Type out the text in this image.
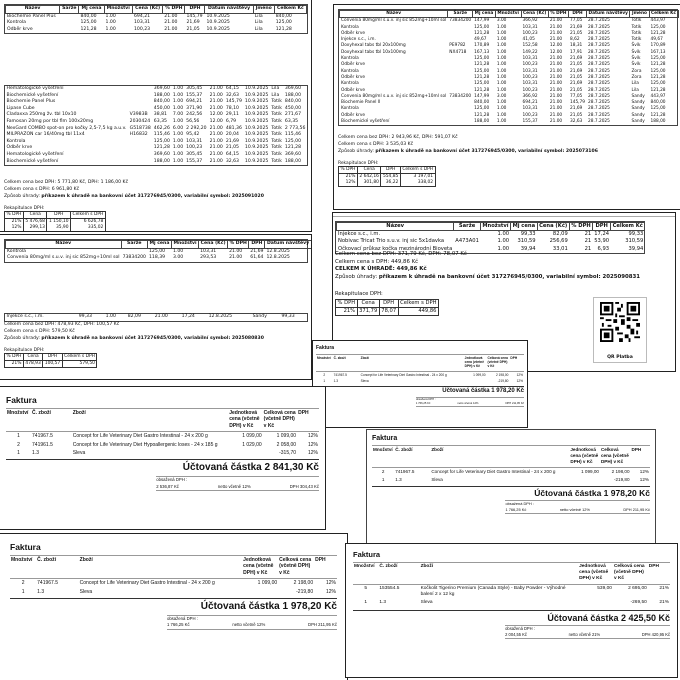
Název	Šarže	Mj cena	Množství	Cena (Kč)	% DPH	DPH	Datum návštěvy	Jméno	Celkem Kč
Biochemie Panel Plus		840,00	1.00	694,21	21.00	145,79	10.9.2025	Lila	840,00
Kontrola		125,00	1.00	103,31	21.00	21,69	10.9.2025	Lila	125,00
Odběr krve		121,28	1.00	100,23	21.00	21,05	10.9.2025	Lila	121,28
Hematologické vyšetření		369,60	1.00	305,45	21.00	64,15	10.9.2025	Lila	369,60
Biochemické vyšetření		188,00	1.00	155,37	21.00	32,63	10.9.2025	Lila	188,00
Biochemie Panel Plus		840,00	1.00	694,21	21.00	145,79	10.9.2025	Totík	840,00
Lipase Cube		450,00	1.00	371,90	21.00	78,10	10.9.2025	Totík	450,00
Cladaxxa 250mg žv. tbl 10x10	V3983B	38,81	7.00	242,56	12.00	29,11	10.9.2025	Totík	271,67
Famosan 20mg por tbl flm 100x20mg	2030424	63,35	1.00	56,56	12.00	6,79	10.9.2025	Totík	63,35
NexGard COMBO spot-on pro kočky 2,5-7,5 kg a.u.v.	G518738	462,26	6.00	2 292,20	21.00	481,36	10.9.2025	Totík	2 773,56
MILPRAZON car 16/40mg tbl 11x4	H16832	115,46	1.00	95,42	21.00	20,04	10.9.2025	Totík	115,46
Kontrola		125,00	1.00	103,31	21.00	21,69	10.9.2025	Totík	125,00
Odběr krve		121,28	1.00	100,23	21.00	21,05	10.9.2025	Totík	121,28
Hematologické vyšetření		369,60	1.00	305,45	21.00	64,15	10.9.2025	Totík	369,60
Biochemické vyšetření		188,00	1.00	155,37	21.00	32,63	10.9.2025	Totík	188,00
Celkem cena bez DPH: 5 771,80 Kč, DPH: 1 186,00 Kč
Celkem cena s DPH: 6 961,80 Kč
Způsob úhrady: příkazem k úhradě na bankovní účet 317276945/0300, variabilní symbol: 2025091020
Rekapitulace DPH:
% DPH	Cena	DPH	Celkem s DPH
21%	5 476,68	1 150,10	6 626,78
12%	299,13	35,90	335,02
Název	Šarže	Mj cena	Množství	Cena (Kč)	% DPH	DPH	Datum návštěvy		
Kontrola		125,00	1.00	103,31	21.00	21,69	12.8.2025		
Convenia 80mg/ml s.u.v. inj sic 852mg+10ml sol	73834200	118,39	3.00	293,53	21.00	61,64	12.8.2025		
Injekce s.c., i.m.		99,33	1.00	82,09	21.00	17,24	12.8.2025	Sandy	99,33
Celkem cena bez DPH: 478,93 Kč, DPH: 100,57 Kč
Celkem cena s DPH: 579,50 Kč
Způsob úhrady: příkazem k úhradě na bankovní účet 317276945/0300, variabilní symbol: 2025080830
Rekapitulace DPH:
% DPH	Cena	DPH	Celkem s DPH
21%	478,93	100,57	579,50
Název	Šarže	Mj cena	Množství	Cena (Kč)	% DPH	DPH	Datum návštěvy	Jméno	Celkem Kč
Convenia 80mg/ml s.u.v. inj sic 852mg+10ml sol	73834200	147,99	3.00	366,92	21.00	77,05	28.7.2025	Totík	443,97
Kontrola		125,00	1.00	103,31	21.00	21,69	28.7.2025	Totík	125,00
Odběr krve		121,28	1.00	100,23	21.00	21,05	28.7.2025	Totík	121,28
Injekce s.c., i.m.		49,67	1.00	41,05	21.00	8,62	28.7.2025	Totík	49,67
Doxyhexal tabs tbl 20x100mg	PE9782	170,89	1.00	152,58	12.00	18,31	28.7.2025	Švík	170,89
Doxyhexal tabs tbl 10x100mg	NX4718	167,13	1.00	149,22	12.00	17,91	28.7.2025	Švík	167,13
Kontrola		125,00	1.00	103,31	21.00	21,69	28.7.2025	Švík	125,00
Odběr krve		121,28	1.00	100,23	21.00	21,05	28.7.2025	Švík	121,28
Kontrola		125,00	1.00	103,31	21.00	21,69	28.7.2025	Zora	125,00
Odběr krve		121,28	1.00	100,23	21.00	21,05	28.7.2025	Zora	121,28
Kontrola		125,00	1.00	103,31	21.00	21,69	28.7.2025	Lila	125,00
Odběr krve		121,28	1.00	100,23	21.00	21,05	28.7.2025	Lila	121,28
Convenia 80mg/ml s.u.v. inj sic 852mg+10ml sol	73834200	147,99	3.00	366,92	21.00	77,05	28.7.2025	Sandy	443,97
Biochemie Panel II		840,00	1.00	694,21	21.00	145,79	28.7.2025	Sandy	840,00
Kontrola		125,00	1.00	103,31	21.00	21,69	28.7.2025	Sandy	125,00
Odběr krve		121,28	1.00	100,23	21.00	21,05	28.7.2025	Sandy	121,28
Biochemické vyšetření		188,00	1.00	155,37	21.00	32,63	28.7.2025	Sandy	188,00
Celkem cena bez DPH: 2 943,96 Kč, DPH: 591,07 Kč
Celkem cena s DPH: 3 535,03 Kč
Způsob úhrady: příkazem k úhradě na bankovní účet 317276945/0300, variabilní symbol: 2025073106
Rekapitulace DPH:
% DPH	Cena	DPH	Celkem s DPH
21%	2 642,16	554,85	3 197,01
12%	301,80	36,22	338,02
Název	Šarže	Množství	Mj cena	Cena (Kč)	% DPH	DPH	Celkem Kč
Injekce s.c., i.m.		1.00	99,33	82,09	21	17,24	99,33
Nobivac Tricat Trio s.u.v. inj sic 5x1davka	A473A01	1.00	310,59	256,69	21	53,90	310,59
Očkovací průkaz kočka mezinárodní Bioveta		1.00	39,94	33,01	21	6,93	39,94
Celkem cena bez DPH: 371,79 Kč, DPH: 78,07 Kč
Celkem cena s DPH: 449,86 Kč
CELKEM K ÚHRADĚ: 449,86 Kč
Způsob úhrady: příkazem k úhradě na bankovní účet 317276945/0300, variabilní symbol: 2025090831
Rekapitulace DPH:
% DPH	Cena	DPH	Celkem s DPH
21%	371,79	78,07	449,86
QR Platba
Faktura
Množství	Č. zboží	Zboží	Jednotková cena (včetně DPH) v Kč	Celková cena (včetně DPH) v Kč	DPH
2	741967.5	Concept for Life Veterinary Diet Gastro Intestinal - 24 x 200 g	1 099,00	2 198,00	12%
1	1.3	Sleva		-219,80	12%
Účtovaná částka 1 978,20 Kč
obsažená DPH :
1 766,25 Kč	netto včetně 12%	DPH 211,95 Kč
Faktura
Množství	Č. zboží	Zboží	Jednotková cena (včetně DPH) v Kč	Celková cena (včetně DPH) v Kč	DPH
1	741967.5	Concept for Life Veterinary Diet Gastro Intestinal - 24 x 200 g	1 099,00	1 099,00	12%
2	741961.5	Concept for Life Veterinary Diet Hypoallergenic loses - 24 x 185 g	1 029,00	2 058,00	12%
1	1.3	Sleva		-315,70	12%
Účtovaná částka 2 841,30 Kč
obsažená DPH :
2 536,87 Kč	netto včetně 12%	DPH 304,43 Kč
Faktura
Množství	Č. zboží	Zboží	Jednotková cena (včetně DPH) v Kč	Celková cena (včetně DPH) v Kč	DPH
2	741967.5	Concept for Life Veterinary Diet Gastro Intestinal - 24 x 200 g	1 099,00	2 198,00	12%
1	1.3	Sleva		-219,80	12%
Účtovaná částka 1 978,20 Kč
obsažená DPH :
1 766,25 Kč	netto včetně 12%	DPH 211,95 Kč
Faktura
Množství	Č. zboží	Zboží	Jednotková cena (včetně DPH) v Kč	Celková cena (včetně DPH) v Kč	DPH
2	741967.5	Concept for Life Veterinary Diet Gastro Intestinal - 24 x 200 g	1 099,00	2 198,00	12%
1	1.3	Sleva		-219,80	12%
Účtovaná částka 1 978,20 Kč
obsažená DPH :
1 766,25 Kč	netto včetně 12%	DPH 211,95 Kč
Faktura
Množství	Č. zboží	Zboží	Jednotková cena (včetně DPH) v Kč	Celková cena (včetně DPH) v Kč	DPH
5	153554.5	Kočkolit Tigerino Premium (Canada Style) - Baby Powder - Výhodné balení 2 x 12 kg	539,00	2 695,00	21%
1	1.3	Sleva		-269,50	21%
Účtovaná částka 2 425,50 Kč
obsažená DPH :
2 004,55 Kč	netto včetně 21%	DPH 420,95 Kč
